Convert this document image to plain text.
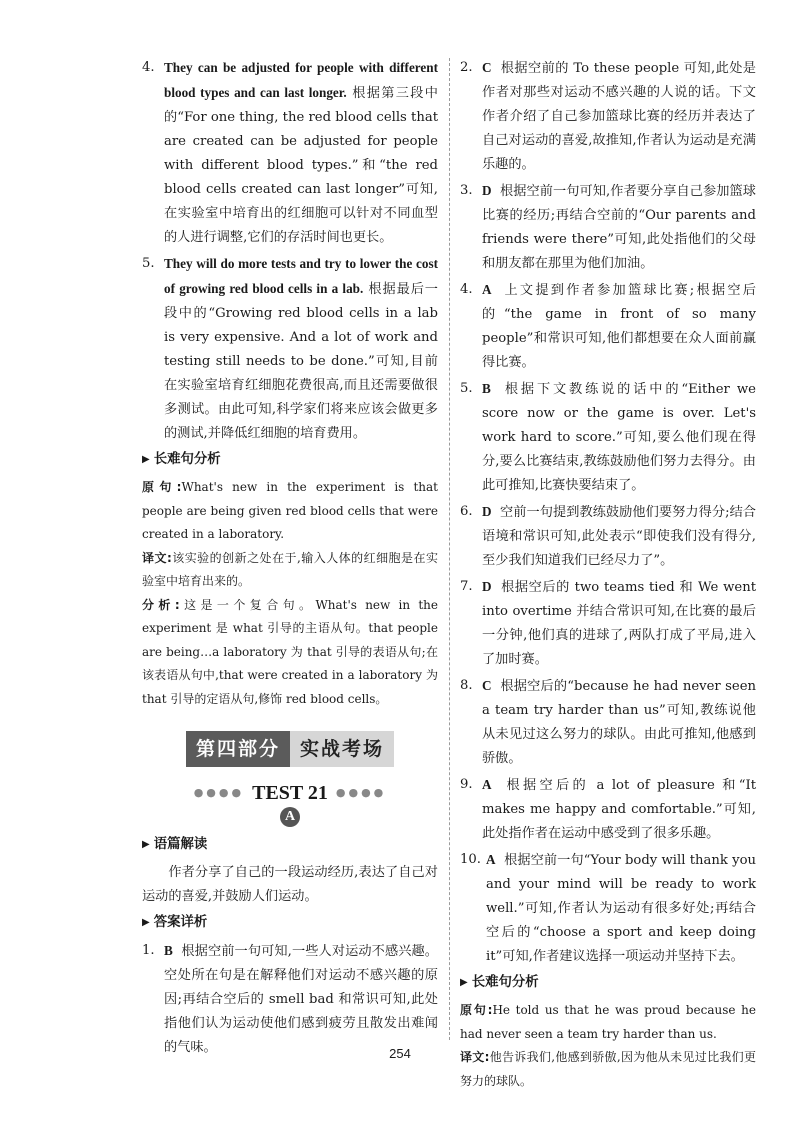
4. They can be adjusted for people with different blood types and can last longer. 根据第三段中的“For one thing, the red blood cells that are created can be adjusted for people with different blood types.”和“the red blood cells created can last longer”可知,在实验室中培育出的红细胞可以针对不同血型的人进行调整,它们的存活时间也更长。
5. They will do more tests and try to lower the cost of growing red blood cells in a lab. 根据最后一段中的“Growing red blood cells in a lab is very expensive. And a lot of work and testing still needs to be done.”可知,目前在实验室培育红细胞花费很高,而且还需要做很多测试。由此可知,科学家们将来应该会做更多的测试,并降低红细胞的培育费用。
▶ 长难句分析
原句:What's new in the experiment is that people are being given red blood cells that were created in a laboratory.
译文:该实验的创新之处在于,输入人体的红细胞是在实验室中培育出来的。
分析:这是一个复合句。What's new in the experiment 是 what 引导的主语从句。that people are being…a laboratory 为 that 引导的表语从句;在该表语从句中,that were created in a laboratory 为 that 引导的定语从句,修饰 red blood cells。
第四部分	实战考场
●●●● TEST 21 ●●●●
A
▶ 语篇解读

作者分享了自己的一段运动经历,表达了自己对运动的喜爱,并鼓励人们运动。

▶ 答案详析
1. B 根据空前一句可知,一些人对运动不感兴趣。空处所在句是在解释他们对运动不感兴趣的原因;再结合空后的 smell bad 和常识可知,此处指他们认为运动使他们感到疲劳且散发出难闻的气味。
2. C 根据空前的 To these people 可知,此处是作者对那些对运动不感兴趣的人说的话。下文作者介绍了自己参加篮球比赛的经历并表达了自己对运动的喜爱,故推知,作者认为运动是充满乐趣的。
3. D 根据空前一句可知,作者要分享自己参加篮球比赛的经历;再结合空前的“Our parents and friends were there”可知,此处指他们的父母和朋友都在那里为他们加油。
4. A 上文提到作者参加篮球比赛;根据空后的“the game in front of so many people”和常识可知,他们都想要在众人面前赢得比赛。
5. B 根据下文教练说的话中的“Either we score now or the game is over. Let's work hard to score.”可知,要么他们现在得分,要么比赛结束,教练鼓励他们努力去得分。由此可推知,比赛快要结束了。
6. D 空前一句提到教练鼓励他们要努力得分;结合语境和常识可知,此处表示“即使我们没有得分,至少我们知道我们已经尽力了”。
7. D 根据空后的 two teams tied 和 We went into overtime 并结合常识可知,在比赛的最后一分钟,他们真的进球了,两队打成了平局,进入了加时赛。
8. C 根据空后的“because he had never seen a team try harder than us”可知,教练说他从未见过这么努力的球队。由此可推知,他感到骄傲。
9. A 根据空后的 a lot of pleasure 和“It makes me happy and comfortable.”可知,此处指作者在运动中感受到了很多乐趣。
10. A 根据空前一句“Your body will thank you and your mind will be ready to work well.”可知,作者认为运动有很多好处;再结合空后的“choose a sport and keep doing it”可知,作者建议选择一项运动并坚持下去。
▶ 长难句分析
原句:He told us that he was proud because he had never seen a team try harder than us.
译文:他告诉我们,他感到骄傲,因为他从未见过比我们更努力的球队。
254
